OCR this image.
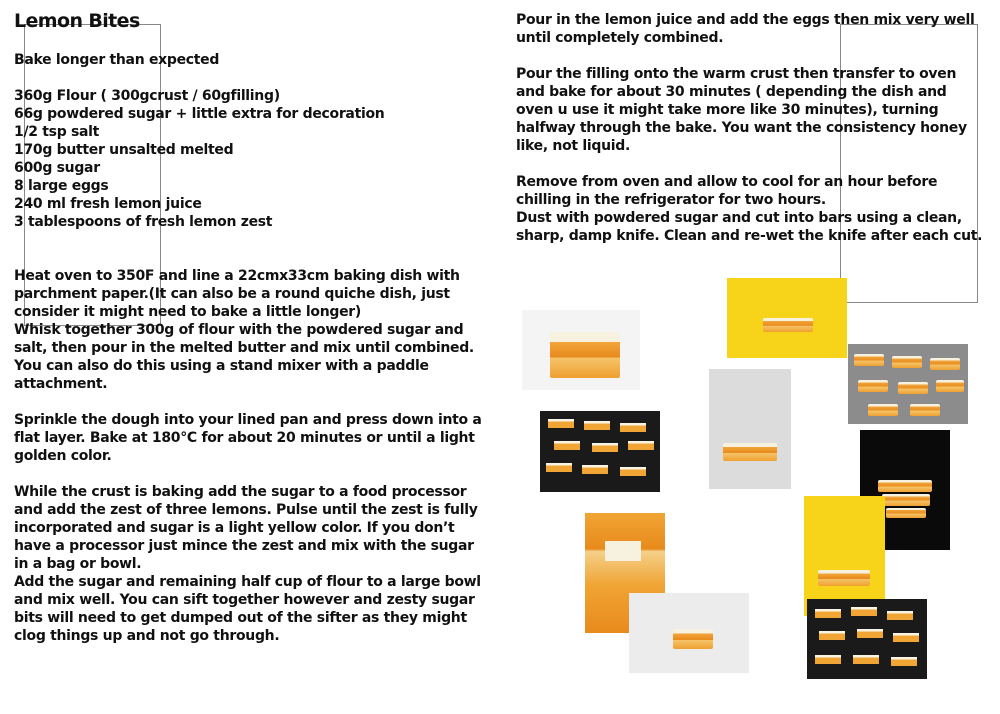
Lemon Bites

Bake longer than expected

360g Flour ( 300gcrust / 60gfilling)

66g powdered sugar + little extra for decoration

1/2 tsp salt

170g butter unsalted melted

600g sugar

8 large eggs

240 ml fresh lemon juice

3 tablespoons of fresh lemon zest

Heat oven to 350F and line a 22cmx33cm baking dish with parchment paper.(It can also be a round quiche dish, just consider it might need to bake a little longer)

Whisk together 300g of flour with the powdered sugar and salt, then pour in the melted butter and mix until combined. You can also do this using a stand mixer with a paddle attachment.

Sprinkle the dough into your lined pan and press down into a flat layer. Bake at 180°C for about 20 minutes or until a light golden color.

While the crust is baking add the sugar to a food processor and add the zest of three lemons. Pulse until the zest is fully incorporated and sugar is a light yellow color. If you don’t have a processor just mince the zest and mix with the sugar in a bag or bowl.

Add the sugar and remaining half cup of flour to a large bowl and mix well. You can sift together however and zesty sugar bits will need to get dumped out of the sifter as they might clog things up and not go through.

Pour in the lemon juice and add the eggs then mix very well until completely combined.

Pour the filling onto the warm crust then transfer to oven and bake for about 30 minutes ( depending the dish and oven u use it might take more like 30 minutes), turning halfway through the bake. You want the consistency honey like, not liquid.

Remove from oven and allow to cool for an hour before chilling in the refrigerator for two hours.

Dust with powdered sugar and cut into bars using a clean, sharp, damp knife. Clean and re-wet the knife after each cut.
